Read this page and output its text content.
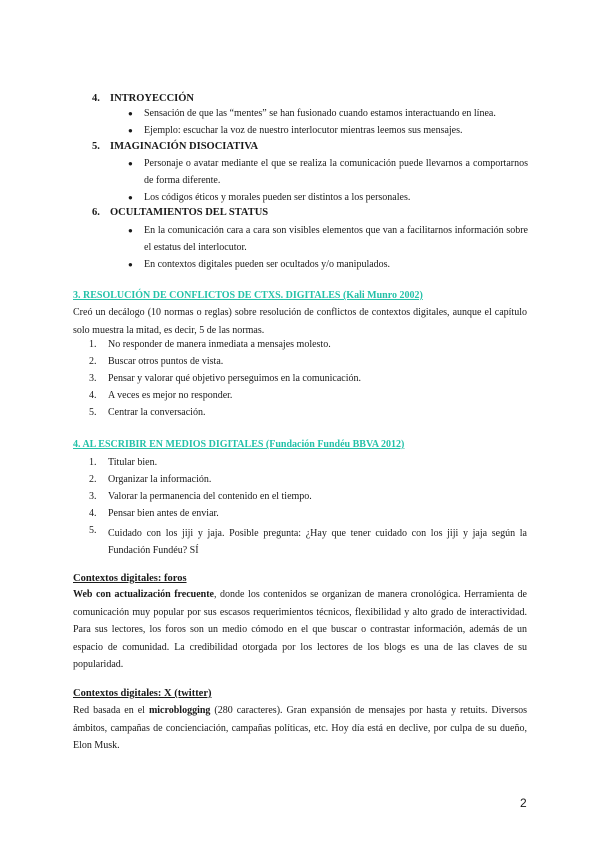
4. INTROYECCIÓN
● Sensación de que las “mentes” se han fusionado cuando estamos interactuando en línea.
● Ejemplo: escuchar la voz de nuestro interlocutor mientras leemos sus mensajes.
5. IMAGINACIÓN DISOCIATIVA
● Personaje o avatar mediante el que se realiza la comunicación puede llevarnos a comportarnos de forma diferente.
● Los códigos éticos y morales pueden ser distintos a los personales.
6. OCULTAMIENTOS DEL STATUS
● En la comunicación cara a cara son visibles elementos que van a facilitarnos información sobre el estatus del interlocutor.
● En contextos digitales pueden ser ocultados y/o manipulados.
3. RESOLUCIÓN DE CONFLICTOS DE CTXS. DIGITALES (Kali Munro 2002)
Creó un decálogo (10 normas o reglas) sobre resolución de conflictos de contextos digitales, aunque el capítulo solo muestra la mitad, es decir, 5 de las normas.
1. No responder de manera inmediata a mensajes molesto.
2. Buscar otros puntos de vista.
3. Pensar y valorar qué objetivo perseguimos en la comunicación.
4. A veces es mejor no responder.
5. Centrar la conversación.
4. AL ESCRIBIR EN MEDIOS DIGITALES (Fundación Fundéu BBVA 2012)
1. Titular bien.
2. Organizar la información.
3. Valorar la permanencia del contenido en el tiempo.
4. Pensar bien antes de enviar.
5. Cuidado con los jiji y jaja. Posible pregunta: ¿Hay que tener cuidado con los jiji y jaja según la Fundación Fundéu? SÍ
Contextos digitales: foros
Web con actualización frecuente, donde los contenidos se organizan de manera cronológica. Herramienta de comunicación muy popular por sus escasos requerimientos técnicos, flexibilidad y alto grado de interactividad. Para sus lectores, los foros son un medio cómodo en el que buscar o contrastar información, además de un espacio de comunidad. La credibilidad otorgada por los lectores de los blogs es una de las claves de su popularidad.
Contextos digitales: X (twitter)
Red basada en el microblogging (280 caracteres). Gran expansión de mensajes por hasta y retuits. Diversos ámbitos, campañas de concienciación, campañas políticas, etc. Hoy día está en declive, por culpa de su dueño, Elon Musk.
2
